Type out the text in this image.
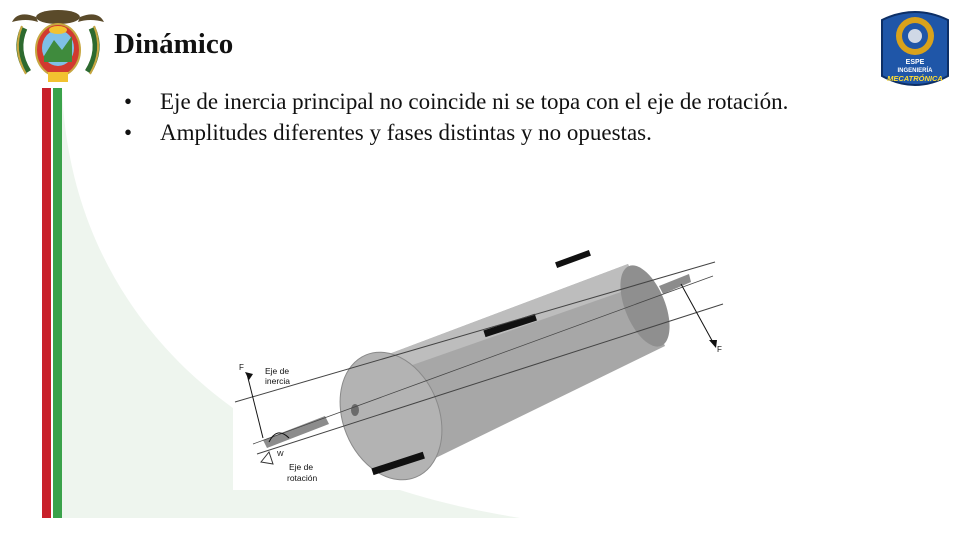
Dinámico
• Eje de inercia principal no coincide ni se topa con el eje de rotación.
• Amplitudes diferentes y fases distintas y no opuestas.
ESPE
INGENIERÍA
MECATRÓNICA
F
F
Eje de
inercia
W
Eje de
rotación
